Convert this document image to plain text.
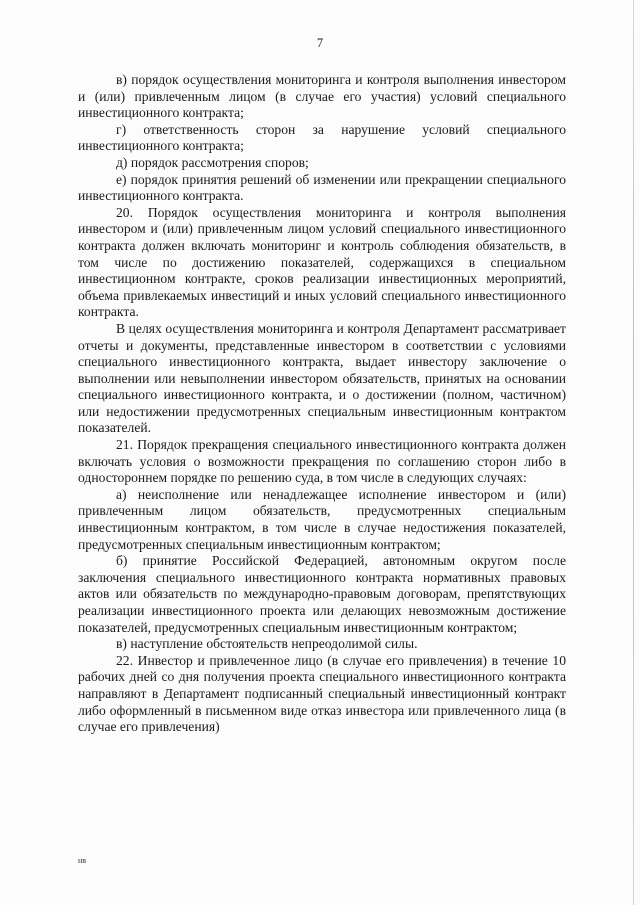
7

в) порядок осуществления мониторинга и контроля выполнения инвестором и (или) привлеченным лицом (в случае его участия) условий специального инвестиционного контракта;

г) ответственность сторон за нарушение условий специального инвестиционного контракта;

д) порядок рассмотрения споров;

е) порядок принятия решений об изменении или прекращении специального инвестиционного контракта.

20. Порядок осуществления мониторинга и контроля выполнения инвестором и (или) привлеченным лицом условий специального инвестиционного контракта должен включать мониторинг и контроль соблюдения обязательств, в том числе по достижению показателей, содержащихся в специальном инвестиционном контракте, сроков реализации инвестиционных мероприятий, объема привлекаемых инвестиций и иных условий специального инвестиционного контракта.

В целях осуществления мониторинга и контроля Департамент рассматривает отчеты и документы, представленные инвестором в соответствии с условиями специального инвестиционного контракта, выдает инвестору заключение о выполнении или невыполнении инвестором обязательств, принятых на основании специального инвестиционного контракта, и о достижении (полном, частичном) или недостижении предусмотренных специальным инвестиционным контрактом показателей.

21. Порядок прекращения специального инвестиционного контракта должен включать условия о возможности прекращения по соглашению сторон либо в одностороннем порядке по решению суда, в том числе в следующих случаях:

а) неисполнение или ненадлежащее исполнение инвестором и (или) привлеченным лицом обязательств, предусмотренных специальным инвестиционным контрактом, в том числе в случае недостижения показателей, предусмотренных специальным инвестиционным контрактом;

б) принятие Российской Федерацией, автономным округом после заключения специального инвестиционного контракта нормативных правовых актов или обязательств по международно-правовым договорам, препятствующих реализации инвестиционного проекта или делающих невозможным достижение показателей, предусмотренных специальным инвестиционным контрактом;

в) наступление обстоятельств непреодолимой силы.

22. Инвестор и привлеченное лицо (в случае его привлечения) в течение 10 рабочих дней со дня получения проекта специального инвестиционного контракта направляют в Департамент подписанный специальный инвестиционный контракт либо оформленный в письменном виде отказ инвестора или привлеченного лица (в случае его привлечения)

нв
